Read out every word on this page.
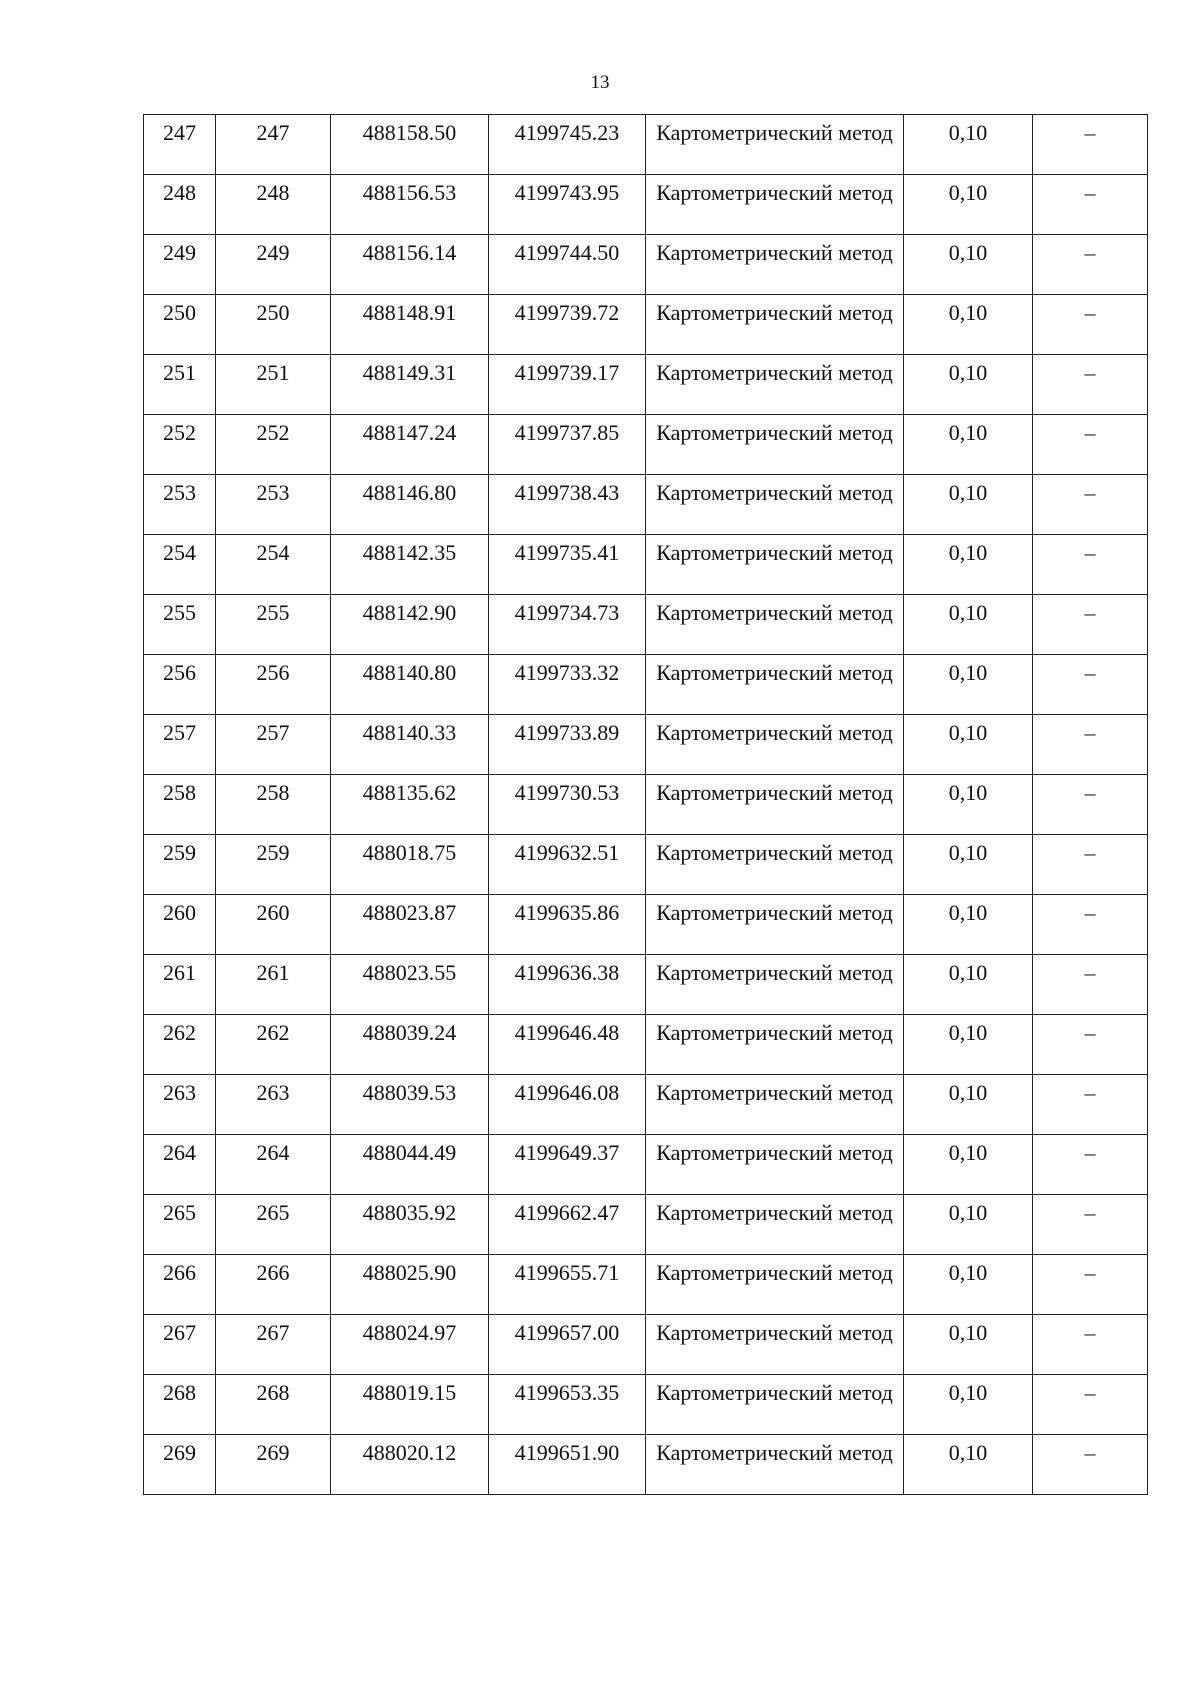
13
247	247	488158.50	4199745.23	Картометрический метод	0,10	–
248	248	488156.53	4199743.95	Картометрический метод	0,10	–
249	249	488156.14	4199744.50	Картометрический метод	0,10	–
250	250	488148.91	4199739.72	Картометрический метод	0,10	–
251	251	488149.31	4199739.17	Картометрический метод	0,10	–
252	252	488147.24	4199737.85	Картометрический метод	0,10	–
253	253	488146.80	4199738.43	Картометрический метод	0,10	–
254	254	488142.35	4199735.41	Картометрический метод	0,10	–
255	255	488142.90	4199734.73	Картометрический метод	0,10	–
256	256	488140.80	4199733.32	Картометрический метод	0,10	–
257	257	488140.33	4199733.89	Картометрический метод	0,10	–
258	258	488135.62	4199730.53	Картометрический метод	0,10	–
259	259	488018.75	4199632.51	Картометрический метод	0,10	–
260	260	488023.87	4199635.86	Картометрический метод	0,10	–
261	261	488023.55	4199636.38	Картометрический метод	0,10	–
262	262	488039.24	4199646.48	Картометрический метод	0,10	–
263	263	488039.53	4199646.08	Картометрический метод	0,10	–
264	264	488044.49	4199649.37	Картометрический метод	0,10	–
265	265	488035.92	4199662.47	Картометрический метод	0,10	–
266	266	488025.90	4199655.71	Картометрический метод	0,10	–
267	267	488024.97	4199657.00	Картометрический метод	0,10	–
268	268	488019.15	4199653.35	Картометрический метод	0,10	–
269	269	488020.12	4199651.90	Картометрический метод	0,10	–
